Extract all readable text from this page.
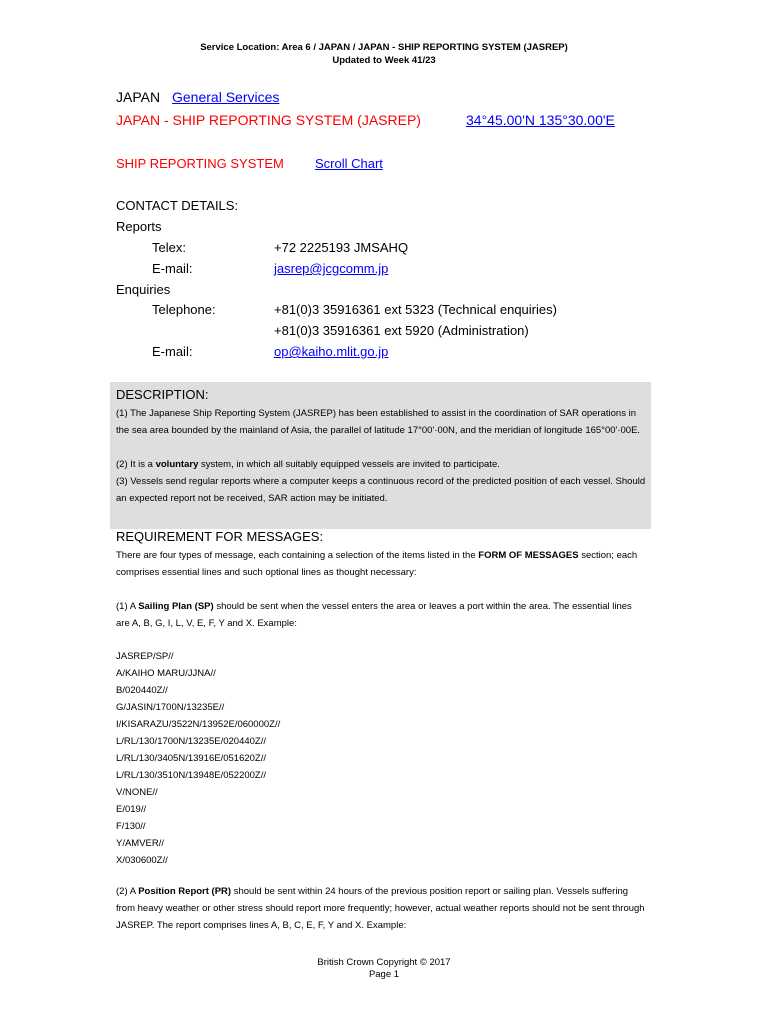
Service Location: Area 6 / JAPAN / JAPAN - SHIP REPORTING SYSTEM (JASREP)
Updated to Week 41/23
JAPAN General Services
JAPAN - SHIP REPORTING SYSTEM (JASREP)	34°45.00'N 135°30.00'E
SHIP REPORTING SYSTEM Scroll Chart
CONTACT DETAILS:
Reports
Telex:	+72 2225193 JMSAHQ
E-mail:	jasrep@jcgcomm.jp
Enquiries
Telephone:	+81(0)3 35916361 ext 5323 (Technical enquiries)
+81(0)3 35916361 ext 5920 (Administration)
E-mail:	op@kaiho.mlit.go.jp
DESCRIPTION:
(1) The Japanese Ship Reporting System (JASREP) has been established to assist in the coordination of SAR operations in the sea area bounded by the mainland of Asia, the parallel of latitude 17°00'·00N, and the meridian of longitude 165°00'·00E.
(2) It is a voluntary system, in which all suitably equipped vessels are invited to participate.
(3) Vessels send regular reports where a computer keeps a continuous record of the predicted position of each vessel. Should an expected report not be received, SAR action may be initiated.
REQUIREMENT FOR MESSAGES:
There are four types of message, each containing a selection of the items listed in the FORM OF MESSAGES section; each comprises essential lines and such optional lines as thought necessary:
(1) A Sailing Plan (SP) should be sent when the vessel enters the area or leaves a port within the area. The essential lines are A, B, G, I, L, V, E, F, Y and X. Example:
JASREP/SP//
A/KAIHO MARU/JJNA//
B/020440Z//
G/JASIN/1700N/13235E//
I/KISARAZU/3522N/13952E/060000Z//
L/RL/130/1700N/13235E/020440Z//
L/RL/130/3405N/13916E/051620Z//
L/RL/130/3510N/13948E/052200Z//
V/NONE//
E/019//
F/130//
Y/AMVER//
X/030600Z//
(2) A Position Report (PR) should be sent within 24 hours of the previous position report or sailing plan. Vessels suffering from heavy weather or other stress should report more frequently; however, actual weather reports should not be sent through JASREP. The report comprises lines A, B, C, E, F, Y and X. Example:
British Crown Copyright © 2017
Page 1
